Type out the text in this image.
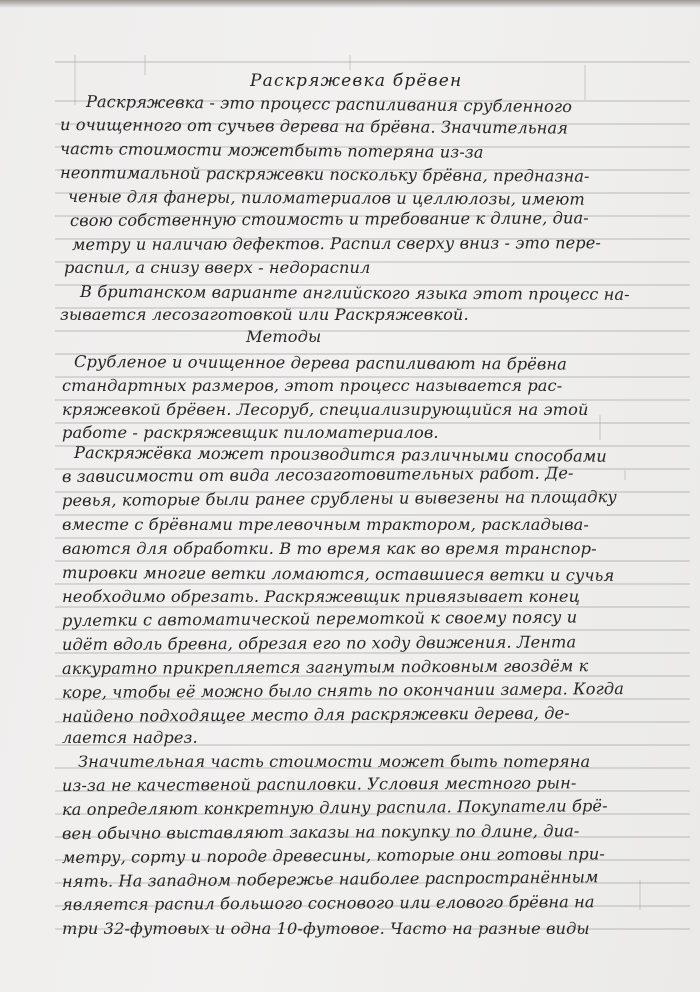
Раскряжевка брёвен
Раскряжевка - это процесс распиливания срубленного
и очищенного от сучьев дерева на брёвна. Значительная
часть стоимости можетбыть потеряна из-за
неоптимальной раскряжевки поскольку брёвна, предназна-
ченые для фанеры, пиломатериалов и целлюлозы, имеют
свою собственную стоимость и требование к длине, диа-
метру и наличаю дефектов. Распил сверху вниз - это пере-
распил, а снизу вверх - недораспил
В британском варианте английского языка этот процесс на-
зывается лесозаготовкой или Раскряжевкой.
Методы
Срубленое и очищенное дерева распиливают на брёвна
стандартных размеров, этот процесс называется рас-
кряжевкой брёвен. Лесоруб, специализирующийся на этой
работе - раскряжевщик пиломатериалов.
Раскряжёвка может производится различными способами
в зависимости от вида лесозаготовительных работ. Де-
ревья, которые были ранее срублены и вывезены на площадку
вместе с брёвнами трелевочным трактором, раскладыва-
ваются для обработки. В то время как во время транспор-
тировки многие ветки ломаются, оставшиеся ветки и сучья
необходимо обрезать. Раскряжевщик привязывает конец
рулетки с автоматической перемоткой к своему поясу и
идёт вдоль бревна, обрезая его по ходу движения. Лента
аккуратно прикрепляется загнутым подковным гвоздём к
коре, чтобы её можно было снять по окончании замера. Когда
найдено подходящее место для раскряжевки дерева, де-
лается надрез.
Значительная часть стоимости может быть потеряна
из-за не качественой распиловки. Условия местного рын-
ка определяют конкретную длину распила. Покупатели брё-
вен обычно выставляют заказы на покупку по длине, диа-
метру, сорту и породе древесины, которые они готовы при-
нять. На западном побережье наиболее распространённым
является распил большого соснового или елового брёвна на
три 32-футовых и одна 10-футовое. Часто на разные виды
